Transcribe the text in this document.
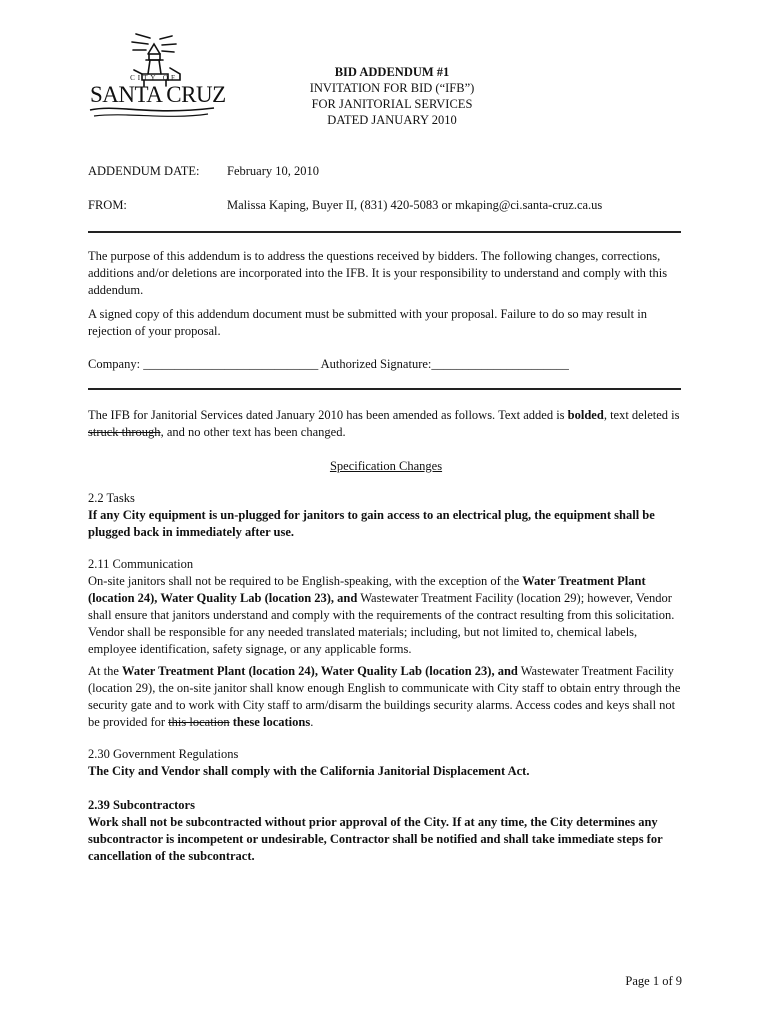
CITY OF
SANTA CRUZ
BID ADDENDUM #1
INVITATION FOR BID (“IFB”)
FOR JANITORIAL SERVICES
DATED JANUARY 2010
ADDENDUM DATE: February 10, 2010
FROM:	Malissa Kaping, Buyer II, (831) 420-5083 or mkaping@ci.santa-cruz.ca.us

The purpose of this addendum is to address the questions received by bidders. The following changes, corrections, additions and/or deletions are incorporated into the IFB. It is your responsibility to understand and comply with this addendum.

A signed copy of this addendum document must be submitted with your proposal. Failure to do so may result in rejection of your proposal.

Company: ____________________________ Authorized Signature:______________________

The IFB for Janitorial Services dated January 2010 has been amended as follows. Text added is bolded, text deleted is struck through, and no other text has been changed.

Specification Changes

2.2 Tasks

If any City equipment is un-plugged for janitors to gain access to an electrical plug, the equipment shall be plugged back in immediately after use.

2.11 Communication

On-site janitors shall not be required to be English-speaking, with the exception of the Water Treatment Plant (location 24), Water Quality Lab (location 23), and Wastewater Treatment Facility (location 29); however, Vendor shall ensure that janitors understand and comply with the requirements of the contract resulting from this solicitation. Vendor shall be responsible for any needed translated materials; including, but not limited to, chemical labels, employee identification, safety signage, or any applicable forms.

At the Water Treatment Plant (location 24), Water Quality Lab (location 23), and Wastewater Treatment Facility (location 29), the on-site janitor shall know enough English to communicate with City staff to obtain entry through the security gate and to work with City staff to arm/disarm the buildings security alarms. Access codes and keys shall not be provided for this location these locations.

2.30 Government Regulations

The City and Vendor shall comply with the California Janitorial Displacement Act.

2.39 Subcontractors

Work shall not be subcontracted without prior approval of the City. If at any time, the City determines any subcontractor is incompetent or undesirable, Contractor shall be notified and shall take immediate steps for cancellation of the subcontract.

Page 1 of 9
